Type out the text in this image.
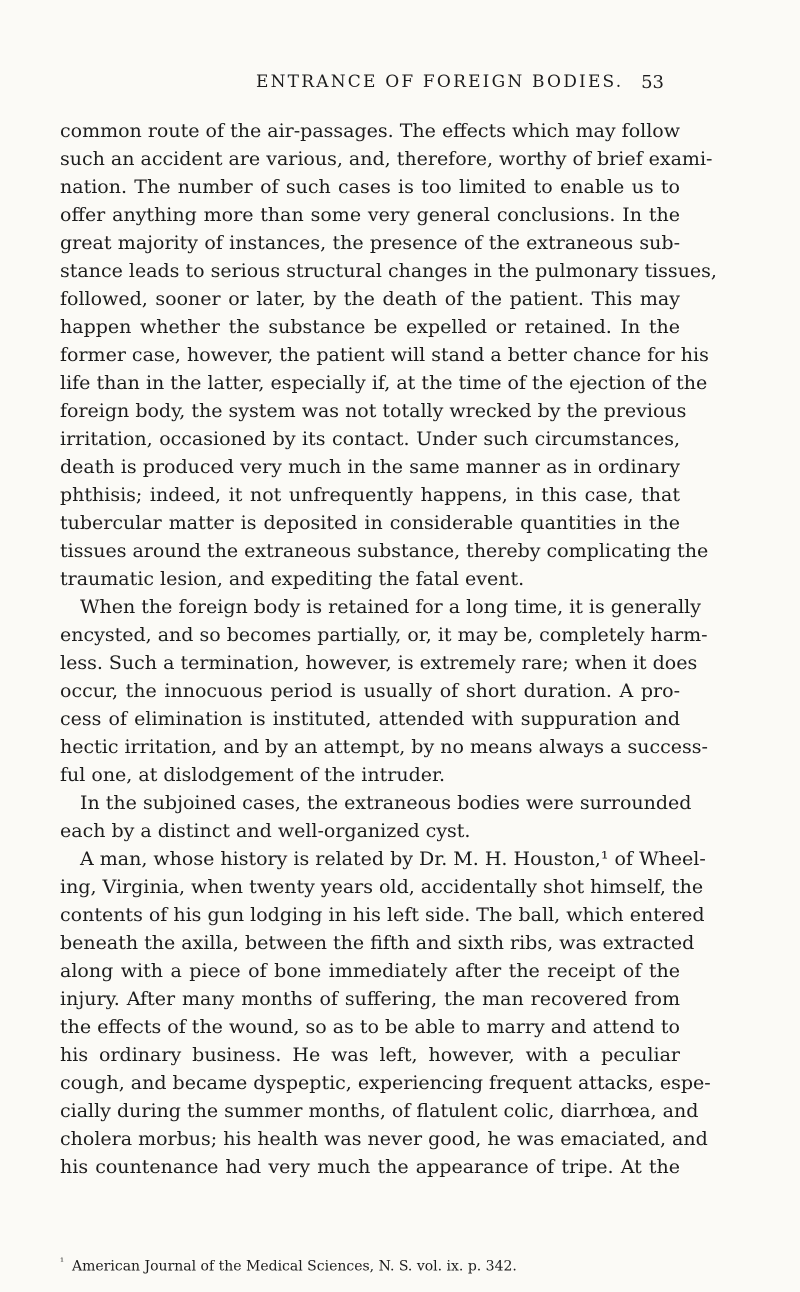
ENTRANCE OF FOREIGN BODIES. 53
common route of the air-passages. The effects which may follow
such an accident are various, and, therefore, worthy of brief exami-
nation. The number of such cases is too limited to enable us to
offer anything more than some very general conclusions. In the
great majority of instances, the presence of the extraneous sub-
stance leads to serious structural changes in the pulmonary tissues,
followed, sooner or later, by the death of the patient. This may
happen whether the substance be expelled or retained. In the
former case, however, the patient will stand a better chance for his
life than in the latter, especially if, at the time of the ejection of the
foreign body, the system was not totally wrecked by the previous
irritation, occasioned by its contact. Under such circumstances,
death is produced very much in the same manner as in ordinary
phthisis; indeed, it not unfrequently happens, in this case, that
tubercular matter is deposited in considerable quantities in the
tissues around the extraneous substance, thereby complicating the
traumatic lesion, and expediting the fatal event.
When the foreign body is retained for a long time, it is generally
encysted, and so becomes partially, or, it may be, completely harm-
less. Such a termination, however, is extremely rare; when it does
occur, the innocuous period is usually of short duration. A pro-
cess of elimination is instituted, attended with suppuration and
hectic irritation, and by an attempt, by no means always a success-
ful one, at dislodgement of the intruder.
In the subjoined cases, the extraneous bodies were surrounded
each by a distinct and well-organized cyst.
A man, whose history is related by Dr. M. H. Houston,¹ of Wheel-
ing, Virginia, when twenty years old, accidentally shot himself, the
contents of his gun lodging in his left side. The ball, which entered
beneath the axilla, between the fifth and sixth ribs, was extracted
along with a piece of bone immediately after the receipt of the
injury. After many months of suffering, the man recovered from
the effects of the wound, so as to be able to marry and attend to
his ordinary business. He was left, however, with a peculiar
cough, and became dyspeptic, experiencing frequent attacks, espe-
cially during the summer months, of flatulent colic, diarrhœa, and
cholera morbus; his health was never good, he was emaciated, and
his countenance had very much the appearance of tripe. At the
$^{^1}$ American Journal of the Medical Sciences, N. S. vol. ix. p. 342.
